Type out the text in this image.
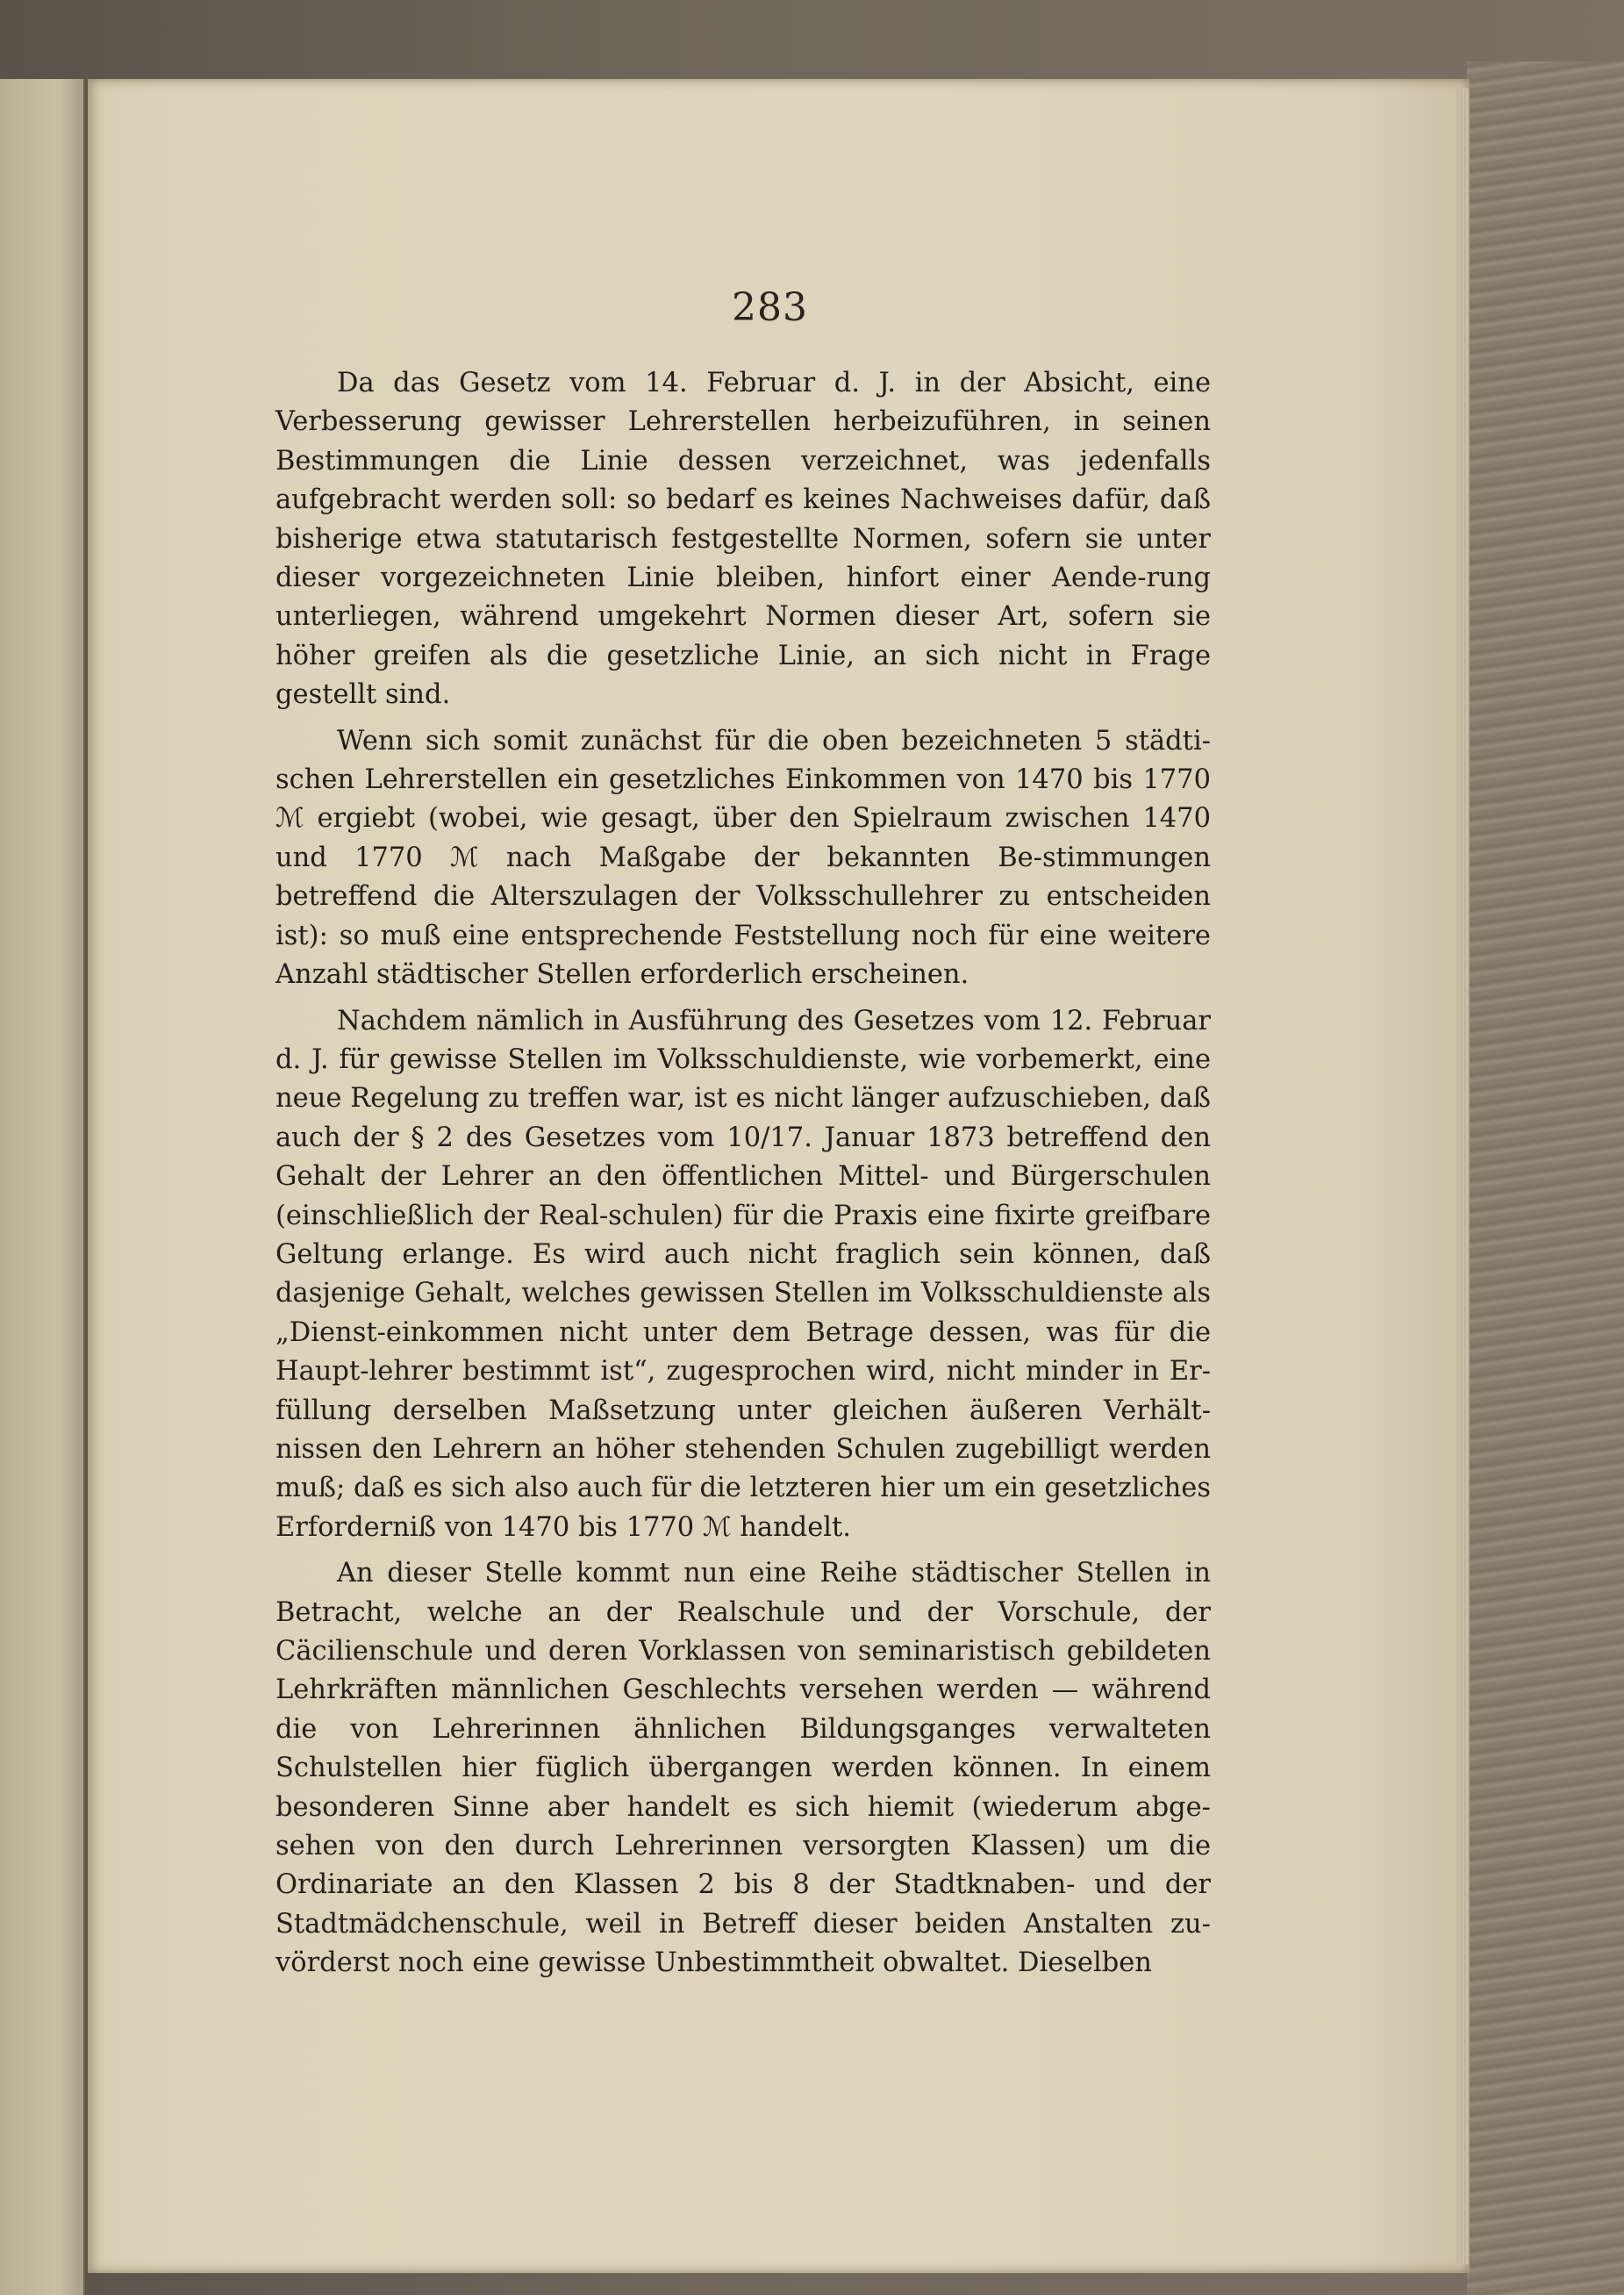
283

Da das Gesetz vom 14. Februar d. J. in der Absicht, eine Verbesserung gewisser Lehrerstellen herbeizuführen, in seinen Bestimmungen die Linie dessen verzeichnet, was jedenfalls aufgebracht werden soll: so bedarf es keines Nachweises dafür, daß bisherige etwa statutarisch festgestellte Normen, sofern sie unter dieser vorgezeichneten Linie bleiben, hinfort einer Aende-rung unterliegen, während umgekehrt Normen dieser Art, sofern sie höher greifen als die gesetzliche Linie, an sich nicht in Frage gestellt sind.

Wenn sich somit zunächst für die oben bezeichneten 5 städti-schen Lehrerstellen ein gesetzliches Einkommen von 1470 bis 1770 ℳ ergiebt (wobei, wie gesagt, über den Spielraum zwischen 1470 und 1770 ℳ nach Maßgabe der bekannten Be-stimmungen betreffend die Alterszulagen der Volksschullehrer zu entscheiden ist): so muß eine entsprechende Feststellung noch für eine weitere Anzahl städtischer Stellen erforderlich erscheinen.

Nachdem nämlich in Ausführung des Gesetzes vom 12. Februar d. J. für gewisse Stellen im Volksschuldienste, wie vorbemerkt, eine neue Regelung zu treffen war, ist es nicht länger aufzuschieben, daß auch der § 2 des Gesetzes vom 10/17. Januar 1873 betreffend den Gehalt der Lehrer an den öffentlichen Mittel- und Bürgerschulen (einschließlich der Real-schulen) für die Praxis eine fixirte greifbare Geltung erlange. Es wird auch nicht fraglich sein können, daß dasjenige Gehalt, welches gewissen Stellen im Volksschuldienste als „Dienst-einkommen nicht unter dem Betrage dessen, was für die Haupt-lehrer bestimmt ist“, zugesprochen wird, nicht minder in Er-füllung derselben Maßsetzung unter gleichen äußeren Verhält-nissen den Lehrern an höher stehenden Schulen zugebilligt werden muß; daß es sich also auch für die letzteren hier um ein gesetzliches Erforderniß von 1470 bis 1770 ℳ handelt.

An dieser Stelle kommt nun eine Reihe städtischer Stellen in Betracht, welche an der Realschule und der Vorschule, der Cäcilienschule und deren Vorklassen von seminaristisch gebildeten Lehrkräften männlichen Geschlechts versehen werden — während die von Lehrerinnen ähnlichen Bildungsganges verwalteten Schulstellen hier füglich übergangen werden können. In einem besonderen Sinne aber handelt es sich hiemit (wiederum abge-sehen von den durch Lehrerinnen versorgten Klassen) um die Ordinariate an den Klassen 2 bis 8 der Stadtknaben- und der Stadtmädchenschule, weil in Betreff dieser beiden Anstalten zu-vörderst noch eine gewisse Unbestimmtheit obwaltet. Dieselben
